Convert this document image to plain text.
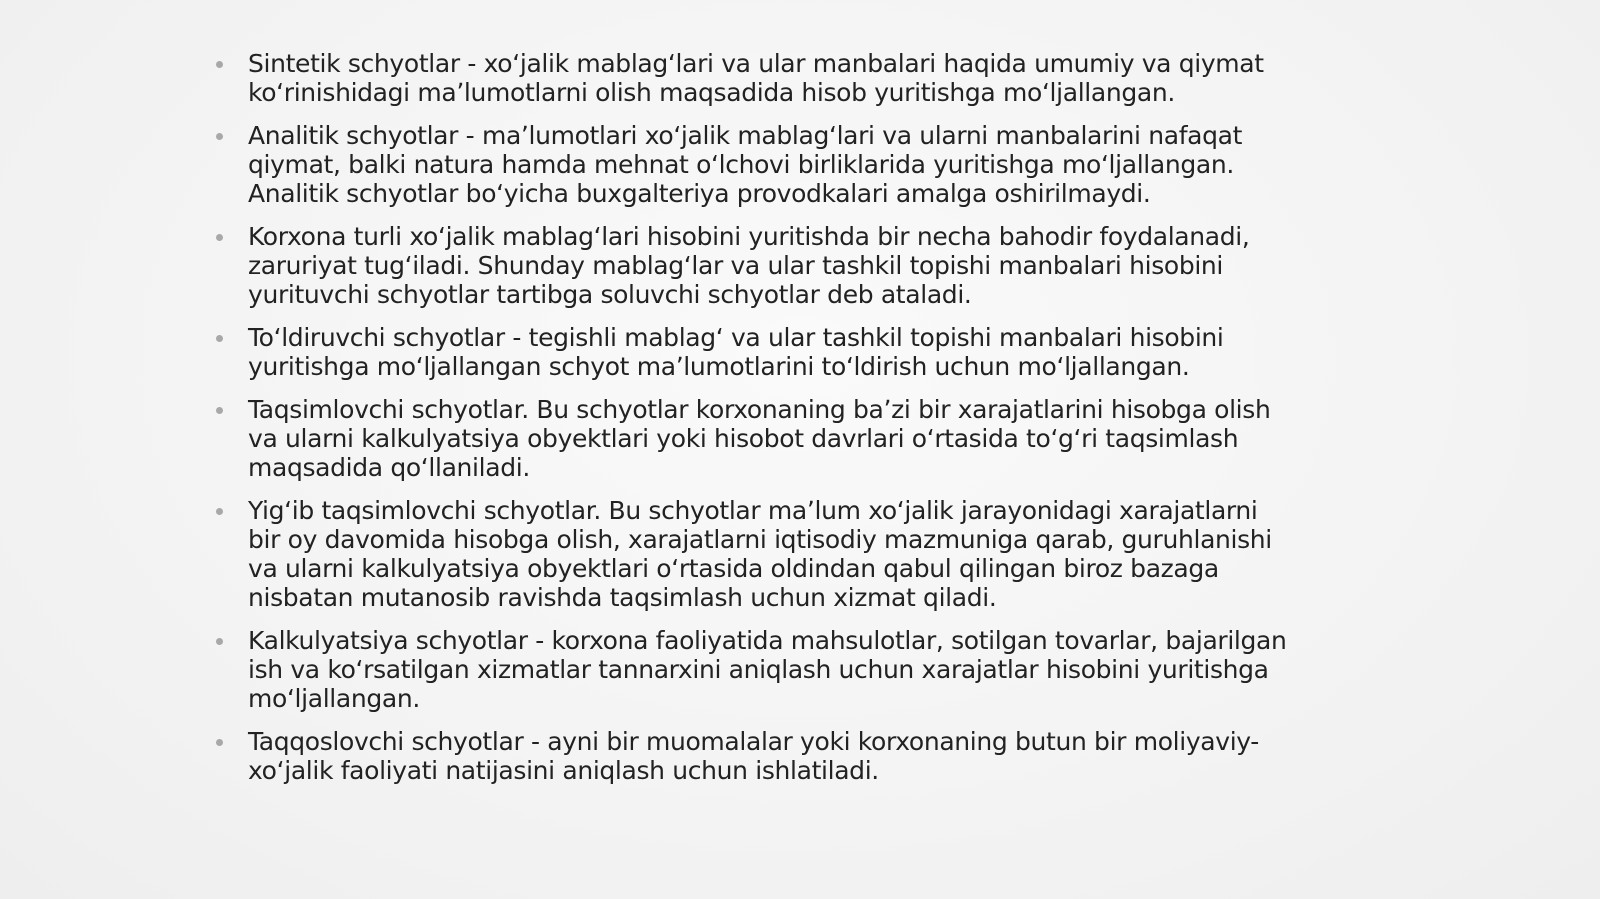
Sintetik schyotlar - xoʻjalik mablagʻlari va ular manbalari haqida umumiy va qiymat koʻrinishidagi maʼlumotlarni olish maqsadida hisob yuritishga moʻljallangan.
Analitik schyotlar - maʼlumotlari xoʻjalik mablagʻlari va ularni manbalarini nafaqat qiymat, balki natura hamda mehnat oʻlchovi birliklarida yuritishga moʻljallangan. Analitik schyotlar boʻyicha buxgalteriya provodkalari amalga oshirilmaydi.
Korxona turli xoʻjalik mablagʻlari hisobini yuritishda bir necha bahodir foydalanadi, zaruriyat tugʻiladi. Shunday mablagʻlar va ular tashkil topishi manbalari hisobini yurituvchi schyotlar tartibga soluvchi schyotlar deb ataladi.
Toʻldiruvchi schyotlar - tegishli mablagʻ va ular tashkil topishi manbalari hisobini yuritishga moʻljallangan schyot maʼlumotlarini toʻldirish uchun moʻljallangan.
Taqsimlovchi schyotlar. Bu schyotlar korxonaning baʼzi bir xarajatlarini hisobga olish va ularni kalkulyatsiya obyektlari yoki hisobot davrlari oʻrtasida toʻgʻri taqsimlash maqsadida qoʻllaniladi.
Yigʻib taqsimlovchi schyotlar. Bu schyotlar maʼlum xoʻjalik jarayonidagi xarajatlarni bir oy davomida hisobga olish, xarajatlarni iqtisodiy mazmuniga qarab, guruhlanishi va ularni kalkulyatsiya obyektlari oʻrtasida oldindan qabul qilingan biroz bazaga nisbatan mutanosib ravishda taqsimlash uchun xizmat qiladi.
Kalkulyatsiya schyotlar - korxona faoliyatida mahsulotlar, sotilgan tovarlar, bajarilgan ish va koʻrsatilgan xizmatlar tannarxini aniqlash uchun xarajatlar hisobini yuritishga moʻljallangan.
Taqqoslovchi schyotlar - ayni bir muomalalar yoki korxonaning butun bir moliyaviy-xoʻjalik faoliyati natijasini aniqlash uchun ishlatiladi.
